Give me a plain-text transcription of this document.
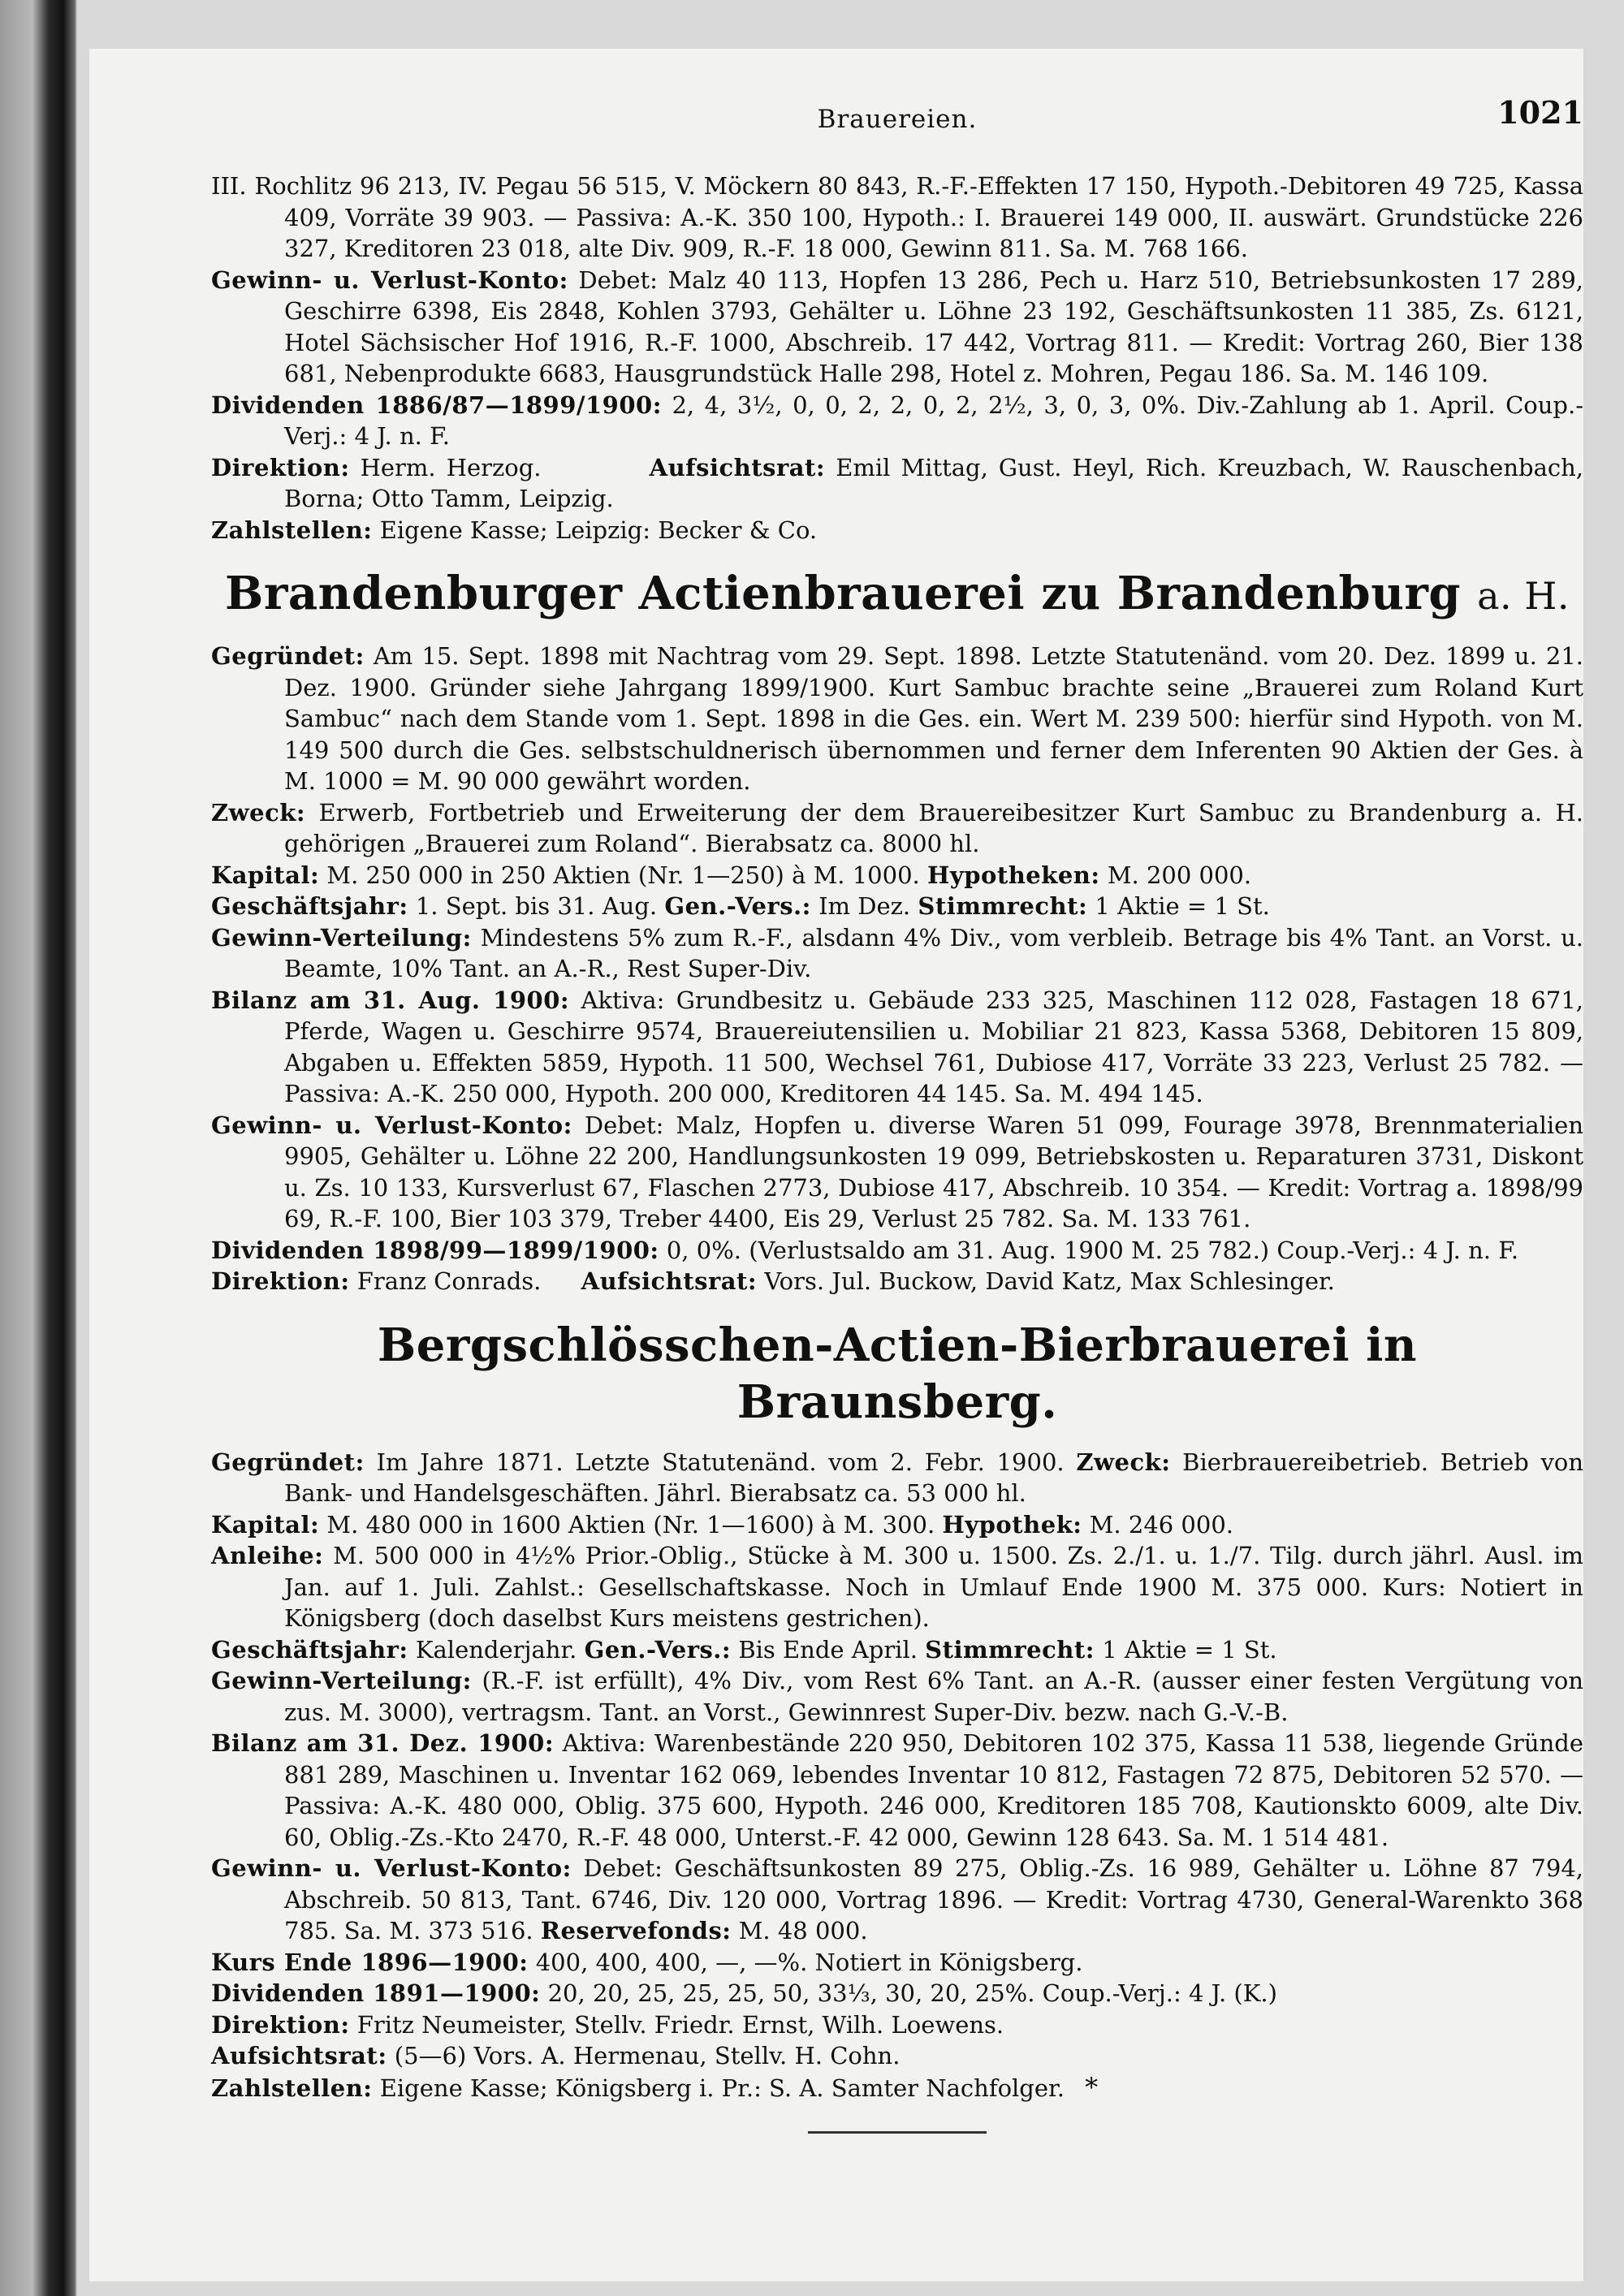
Brauereien.	1021

III. Rochlitz 96 213, IV. Pegau 56 515, V. Möckern 80 843, R.-F.-Effekten 17 150, Hypoth.-Debitoren 49 725, Kassa 409, Vorräte 39 903. — Passiva: A.-K. 350 100, Hypoth.: I. Brauerei 149 000, II. auswärt. Grundstücke 226 327, Kreditoren 23 018, alte Div. 909, R.-F. 18 000, Gewinn 811. Sa. M. 768 166.

Gewinn- u. Verlust-Konto: Debet: Malz 40 113, Hopfen 13 286, Pech u. Harz 510, Betriebsunkosten 17 289, Geschirre 6398, Eis 2848, Kohlen 3793, Gehälter u. Löhne 23 192, Geschäftsunkosten 11 385, Zs. 6121, Hotel Sächsischer Hof 1916, R.-F. 1000, Abschreib. 17 442, Vortrag 811. — Kredit: Vortrag 260, Bier 138 681, Nebenprodukte 6683, Hausgrundstück Halle 298, Hotel z. Mohren, Pegau 186. Sa. M. 146 109.

Dividenden 1886/87—1899/1900: 2, 4, 3½, 0, 0, 2, 2, 0, 2, 2½, 3, 0, 3, 0%. Div.-Zahlung ab 1. April. Coup.-Verj.: 4 J. n. F.

Direktion: Herm. Herzog.	Aufsichtsrat: Emil Mittag, Gust. Heyl, Rich. Kreuzbach, W. Rauschenbach, Borna; Otto Tamm, Leipzig.

Zahlstellen: Eigene Kasse; Leipzig: Becker & Co.

Brandenburger Actienbrauerei zu Brandenburg a. H.

Gegründet: Am 15. Sept. 1898 mit Nachtrag vom 29. Sept. 1898. Letzte Statutenänd. vom 20. Dez. 1899 u. 21. Dez. 1900. Gründer siehe Jahrgang 1899/1900. Kurt Sambuc brachte seine „Brauerei zum Roland Kurt Sambuc“ nach dem Stande vom 1. Sept. 1898 in die Ges. ein. Wert M. 239 500: hierfür sind Hypoth. von M. 149 500 durch die Ges. selbstschuldnerisch übernommen und ferner dem Inferenten 90 Aktien der Ges. à M. 1000 = M. 90 000 gewährt worden.

Zweck: Erwerb, Fortbetrieb und Erweiterung der dem Brauereibesitzer Kurt Sambuc zu Brandenburg a. H. gehörigen „Brauerei zum Roland“. Bierabsatz ca. 8000 hl.

Kapital: M. 250 000 in 250 Aktien (Nr. 1—250) à M. 1000. Hypotheken: M. 200 000.

Geschäftsjahr: 1. Sept. bis 31. Aug. Gen.-Vers.: Im Dez. Stimmrecht: 1 Aktie = 1 St.

Gewinn-Verteilung: Mindestens 5% zum R.-F., alsdann 4% Div., vom verbleib. Betrage bis 4% Tant. an Vorst. u. Beamte, 10% Tant. an A.-R., Rest Super-Div.

Bilanz am 31. Aug. 1900: Aktiva: Grundbesitz u. Gebäude 233 325, Maschinen 112 028, Fastagen 18 671, Pferde, Wagen u. Geschirre 9574, Brauereiutensilien u. Mobiliar 21 823, Kassa 5368, Debitoren 15 809, Abgaben u. Effekten 5859, Hypoth. 11 500, Wechsel 761, Dubiose 417, Vorräte 33 223, Verlust 25 782. — Passiva: A.-K. 250 000, Hypoth. 200 000, Kreditoren 44 145. Sa. M. 494 145.

Gewinn- u. Verlust-Konto: Debet: Malz, Hopfen u. diverse Waren 51 099, Fourage 3978, Brennmaterialien 9905, Gehälter u. Löhne 22 200, Handlungsunkosten 19 099, Betriebskosten u. Reparaturen 3731, Diskont u. Zs. 10 133, Kursverlust 67, Flaschen 2773, Dubiose 417, Abschreib. 10 354. — Kredit: Vortrag a. 1898/99 69, R.-F. 100, Bier 103 379, Treber 4400, Eis 29, Verlust 25 782. Sa. M. 133 761.

Dividenden 1898/99—1899/1900: 0, 0%. (Verlustsaldo am 31. Aug. 1900 M. 25 782.) Coup.-Verj.: 4 J. n. F.

Direktion: Franz Conrads. Aufsichtsrat: Vors. Jul. Buckow, David Katz, Max Schlesinger.

Bergschlösschen-Actien-Bierbrauerei in Braunsberg.

Gegründet: Im Jahre 1871. Letzte Statutenänd. vom 2. Febr. 1900. Zweck: Bierbrauereibetrieb. Betrieb von Bank- und Handelsgeschäften. Jährl. Bierabsatz ca. 53 000 hl.

Kapital: M. 480 000 in 1600 Aktien (Nr. 1—1600) à M. 300. Hypothek: M. 246 000.

Anleihe: M. 500 000 in 4½% Prior.-Oblig., Stücke à M. 300 u. 1500. Zs. 2./1. u. 1./7. Tilg. durch jährl. Ausl. im Jan. auf 1. Juli. Zahlst.: Gesellschaftskasse. Noch in Umlauf Ende 1900 M. 375 000. Kurs: Notiert in Königsberg (doch daselbst Kurs meistens gestrichen).

Geschäftsjahr: Kalenderjahr. Gen.-Vers.: Bis Ende April. Stimmrecht: 1 Aktie = 1 St.

Gewinn-Verteilung: (R.-F. ist erfüllt), 4% Div., vom Rest 6% Tant. an A.-R. (ausser einer festen Vergütung von zus. M. 3000), vertragsm. Tant. an Vorst., Gewinnrest Super-Div. bezw. nach G.-V.-B.

Bilanz am 31. Dez. 1900: Aktiva: Warenbestände 220 950, Debitoren 102 375, Kassa 11 538, liegende Gründe 881 289, Maschinen u. Inventar 162 069, lebendes Inventar 10 812, Fastagen 72 875, Debitoren 52 570. — Passiva: A.-K. 480 000, Oblig. 375 600, Hypoth. 246 000, Kreditoren 185 708, Kautionskto 6009, alte Div. 60, Oblig.-Zs.-Kto 2470, R.-F. 48 000, Unterst.-F. 42 000, Gewinn 128 643. Sa. M. 1 514 481.

Gewinn- u. Verlust-Konto: Debet: Geschäftsunkosten 89 275, Oblig.-Zs. 16 989, Gehälter u. Löhne 87 794, Abschreib. 50 813, Tant. 6746, Div. 120 000, Vortrag 1896. — Kredit: Vortrag 4730, General-Warenkto 368 785. Sa. M. 373 516. Reservefonds: M. 48 000.

Kurs Ende 1896—1900: 400, 400, 400, —, —%. Notiert in Königsberg.

Dividenden 1891—1900: 20, 20, 25, 25, 25, 50, 33⅓, 30, 20, 25%. Coup.-Verj.: 4 J. (K.)

Direktion: Fritz Neumeister, Stellv. Friedr. Ernst, Wilh. Loewens.

Aufsichtsrat: (5—6) Vors. A. Hermenau, Stellv. H. Cohn.

Zahlstellen: Eigene Kasse; Königsberg i. Pr.: S. A. Samter Nachfolger. *
